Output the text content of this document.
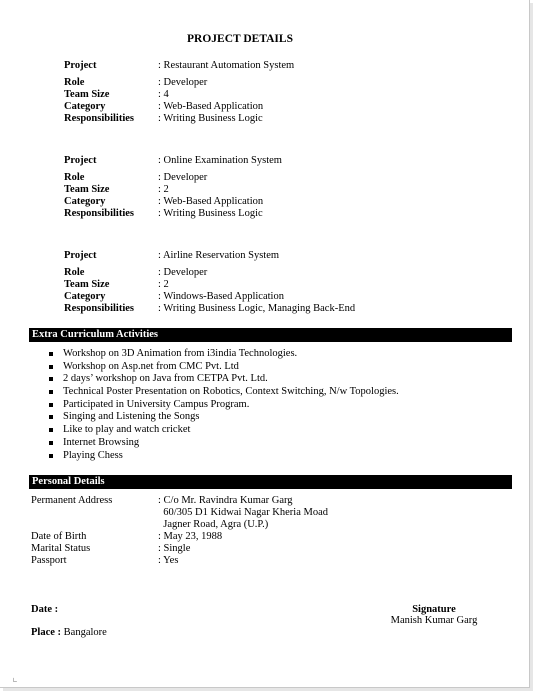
PROJECT DETAILS
Project	: Restaurant Automation System
Role	: Developer
Team Size	: 4
Category	: Web-Based Application
Responsibilities : Writing Business Logic
Project	: Online Examination System
Role	: Developer
Team Size	: 2
Category	: Web-Based Application
Responsibilities : Writing Business Logic
Project	: Airline Reservation System
Role	: Developer
Team Size	: 2
Category	: Windows-Based Application
Responsibilities : Writing Business Logic, Managing Back-End
Extra Curriculum Activities
Workshop on 3D Animation from i3india Technologies.
Workshop on Asp.net from CMC Pvt. Ltd
2 days’ workshop on Java from CETPA Pvt. Ltd.
Technical Poster Presentation on Robotics, Context Switching, N/w Topologies.
Participated in University Campus Program.
Singing and Listening the Songs
Like to play and watch cricket
Internet Browsing
Playing Chess
Personal Details
Permanent Address	: C/o Mr. Ravindra Kumar Garg
60/305 D1 Kidwai Nagar Kheria Moad
Jagner Road, Agra (U.P.)
Date of Birth	: May 23, 1988
Marital Status	: Single
Passport	: Yes
Date :
Place : Bangalore
Signature
Manish Kumar Garg
⌞
